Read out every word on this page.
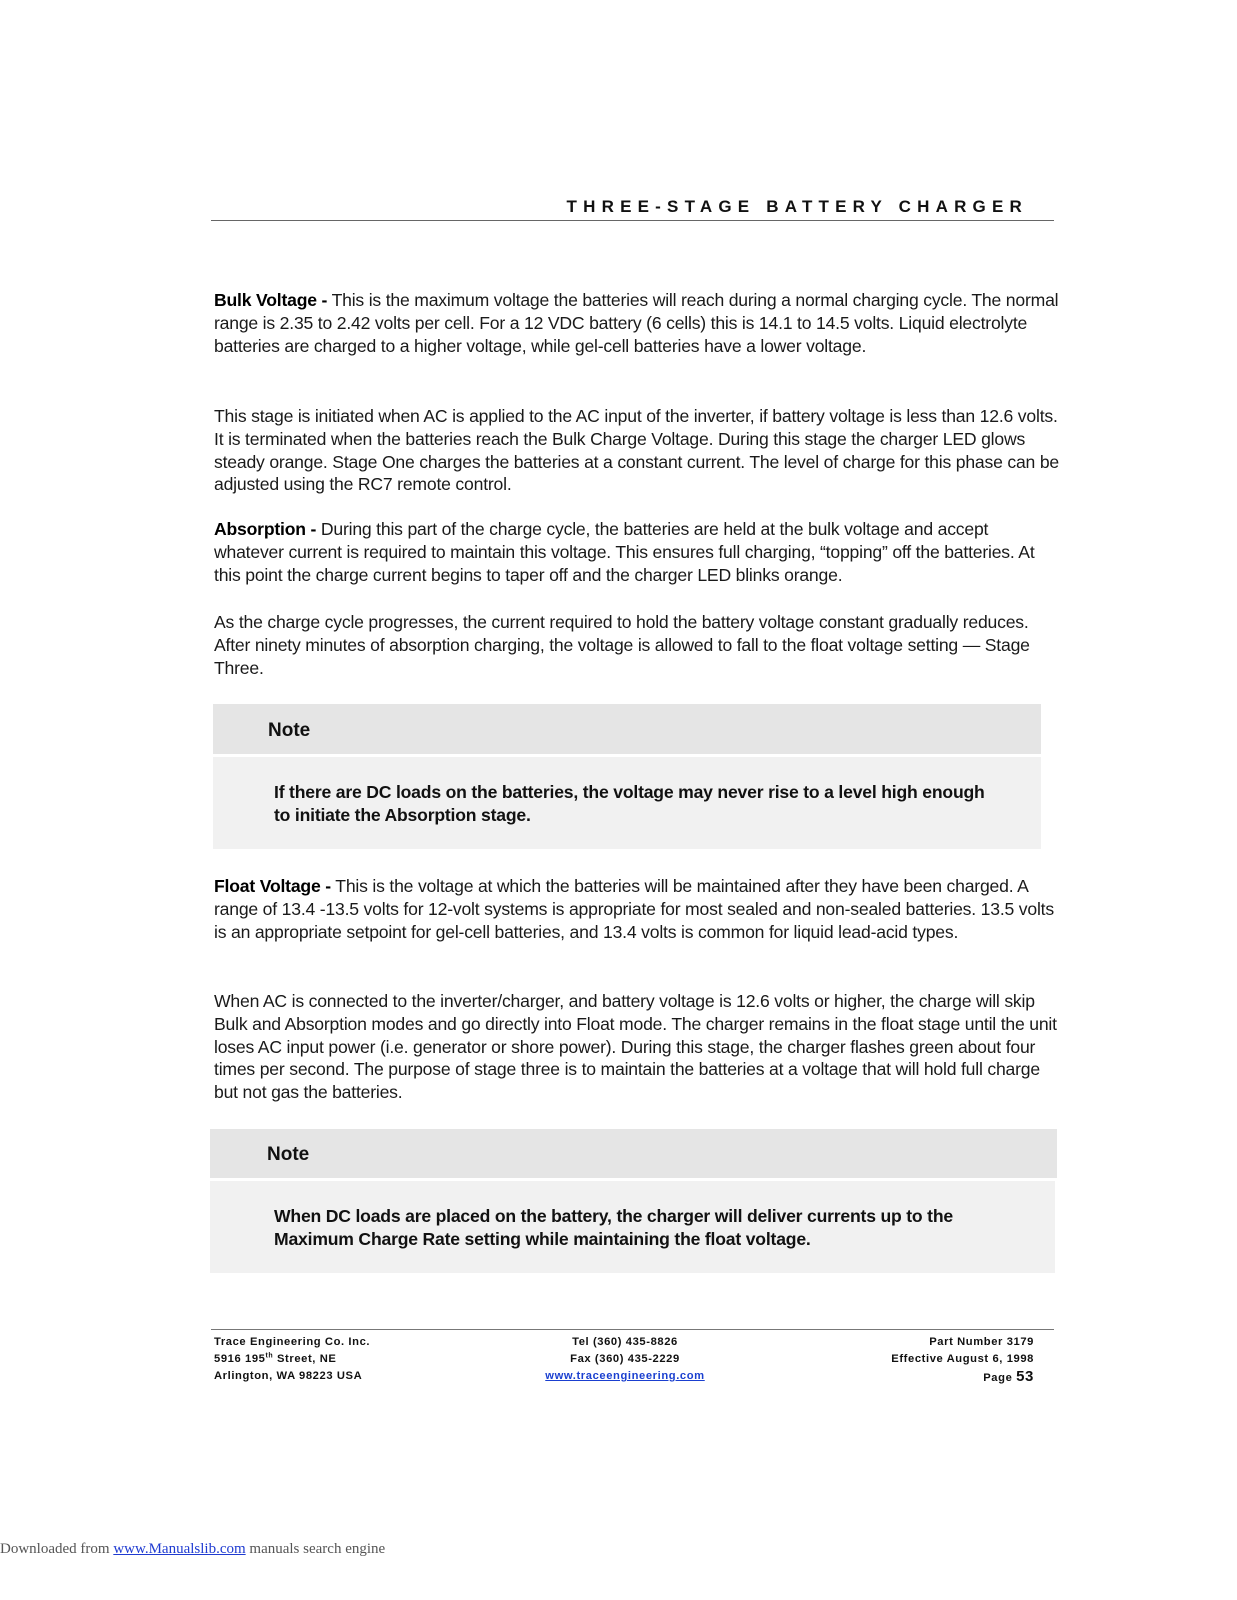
THREE-STAGE BATTERY CHARGER
Bulk Voltage - This is the maximum voltage the batteries will reach during a normal charging cycle. The normal range is 2.35 to 2.42 volts per cell. For a 12 VDC battery (6 cells) this is 14.1 to 14.5 volts. Liquid electrolyte batteries are charged to a higher voltage, while gel-cell batteries have a lower voltage.
This stage is initiated when AC is applied to the AC input of the inverter, if battery voltage is less than 12.6 volts. It is terminated when the batteries reach the Bulk Charge Voltage. During this stage the charger LED glows steady orange. Stage One charges the batteries at a constant current. The level of charge for this phase can be adjusted using the RC7 remote control.
Absorption - During this part of the charge cycle, the batteries are held at the bulk voltage and accept whatever current is required to maintain this voltage. This ensures full charging, “topping” off the batteries. At this point the charge current begins to taper off and the charger LED blinks orange.
As the charge cycle progresses, the current required to hold the battery voltage constant gradually reduces. After ninety minutes of absorption charging, the voltage is allowed to fall to the float voltage setting — Stage Three.
Note
If there are DC loads on the batteries, the voltage may never rise to a level high enough to initiate the Absorption stage.
Float Voltage - This is the voltage at which the batteries will be maintained after they have been charged. A range of 13.4 -13.5 volts for 12-volt systems is appropriate for most sealed and non-sealed batteries. 13.5 volts is an appropriate setpoint for gel-cell batteries, and 13.4 volts is common for liquid lead-acid types.
When AC is connected to the inverter/charger, and battery voltage is 12.6 volts or higher, the charge will skip Bulk and Absorption modes and go directly into Float mode. The charger remains in the float stage until the unit loses AC input power (i.e. generator or shore power). During this stage, the charger flashes green about four times per second. The purpose of stage three is to maintain the batteries at a voltage that will hold full charge but not gas the batteries.
Note
When DC loads are placed on the battery, the charger will deliver currents up to the Maximum Charge Rate setting while maintaining the float voltage.
Trace Engineering Co. Inc.
5916 195th Street, NE
Arlington, WA 98223 USA
Tel (360) 435-8826
Fax (360) 435-2229
www.traceengineering.com
Part Number 3179
Effective August 6, 1998
Page 53
Downloaded from www.Manualslib.com manuals search engine
